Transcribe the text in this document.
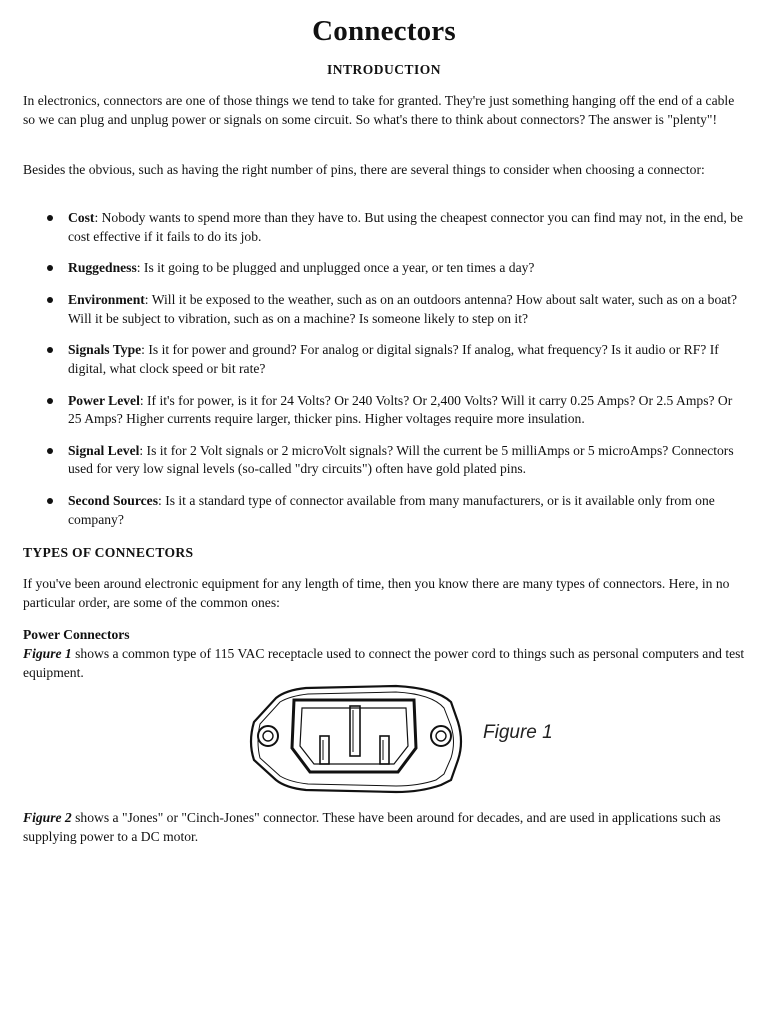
Connectors
INTRODUCTION

In electronics, connectors are one of those things we tend to take for granted. They're just something hanging off the end of a cable so we can plug and unplug power or signals on some circuit. So what's there to think about connectors? The answer is "plenty"!

Besides the obvious, such as having the right number of pins, there are several things to consider when choosing a connector:

Cost: Nobody wants to spend more than they have to. But using the cheapest connector you can find may not, in the end, be cost effective if it fails to do its job.
Ruggedness: Is it going to be plugged and unplugged once a year, or ten times a day?
Environment: Will it be exposed to the weather, such as on an outdoors antenna? How about salt water, such as on a boat? Will it be subject to vibration, such as on a machine? Is someone likely to step on it?
Signals Type: Is it for power and ground? For analog or digital signals? If analog, what frequency? Is it audio or RF? If digital, what clock speed or bit rate?
Power Level: If it's for power, is it for 24 Volts? Or 240 Volts? Or 2,400 Volts? Will it carry 0.25 Amps? Or 2.5 Amps? Or 25 Amps? Higher currents require larger, thicker pins. Higher voltages require more insulation.
Signal Level: Is it for 2 Volt signals or 2 microVolt signals? Will the current be 5 milliAmps or 5 microAmps? Connectors used for very low signal levels (so-called "dry circuits") often have gold plated pins.
Second Sources: Is it a standard type of connector available from many manufacturers, or is it available only from one company?
TYPES OF CONNECTORS

If you've been around electronic equipment for any length of time, then you know there are many types of connectors. Here, in no particular order, are some of the common ones:

Power Connectors

Figure 1 shows a common type of 115 VAC receptacle used to connect the power cord to things such as personal computers and test equipment.

Figure 1

Figure 2 shows a "Jones" or "Cinch-Jones" connector. These have been around for decades, and are used in applications such as supplying power to a DC motor.
